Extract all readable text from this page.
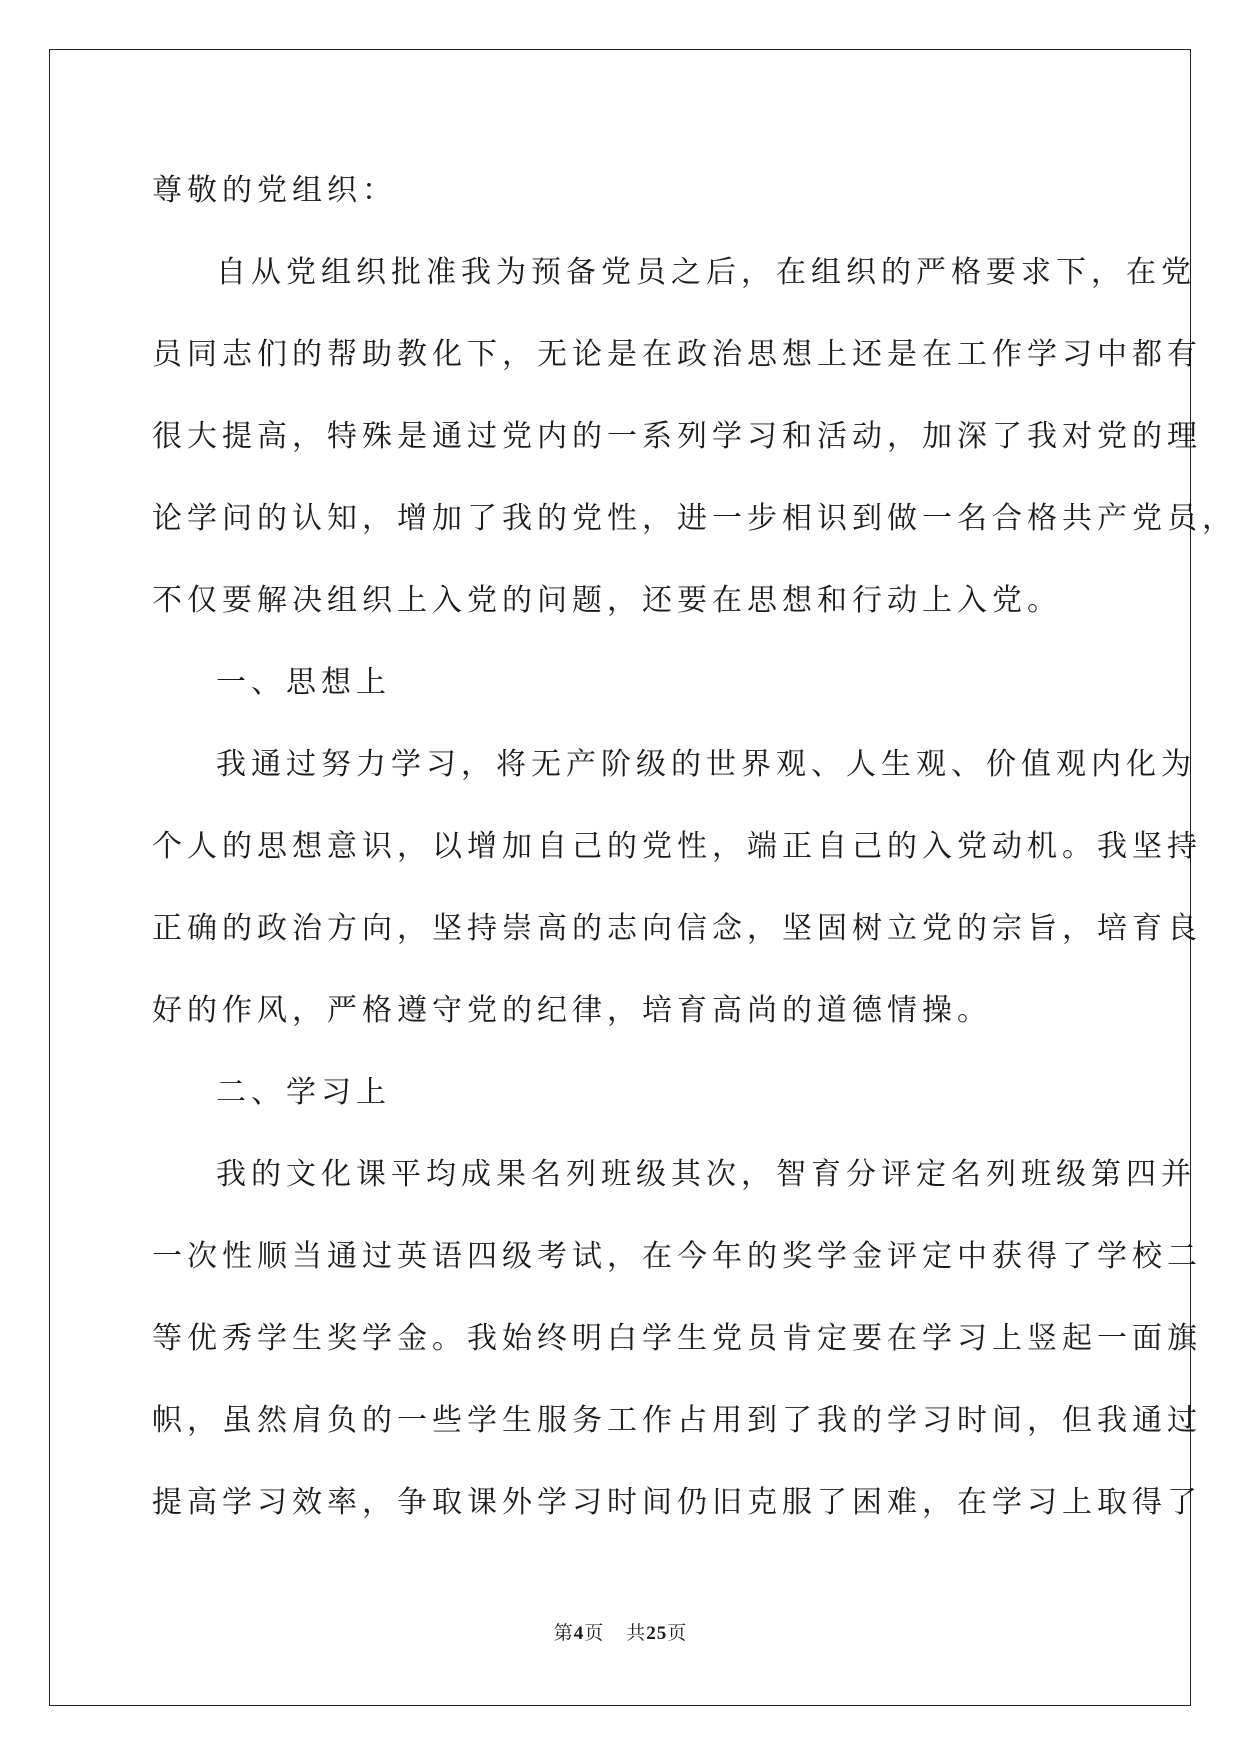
尊敬的党组织：
自从党组织批准我为预备党员之后，在组织的严格要求下，在党
员同志们的帮助教化下，无论是在政治思想上还是在工作学习中都有
很大提高，特殊是通过党内的一系列学习和活动，加深了我对党的理
论学问的认知，增加了我的党性，进一步相识到做一名合格共产党员，
不仅要解决组织上入党的问题，还要在思想和行动上入党。
一、思想上
我通过努力学习，将无产阶级的世界观、人生观、价值观内化为
个人的思想意识，以增加自己的党性，端正自己的入党动机。我坚持
正确的政治方向，坚持崇高的志向信念，坚固树立党的宗旨，培育良
好的作风，严格遵守党的纪律，培育高尚的道德情操。
二、学习上
我的文化课平均成果名列班级其次，智育分评定名列班级第四并
一次性顺当通过英语四级考试，在今年的奖学金评定中获得了学校二
等优秀学生奖学金。我始终明白学生党员肯定要在学习上竖起一面旗
帜，虽然肩负的一些学生服务工作占用到了我的学习时间，但我通过
提高学习效率，争取课外学习时间仍旧克服了困难，在学习上取得了
第4页 共25页
